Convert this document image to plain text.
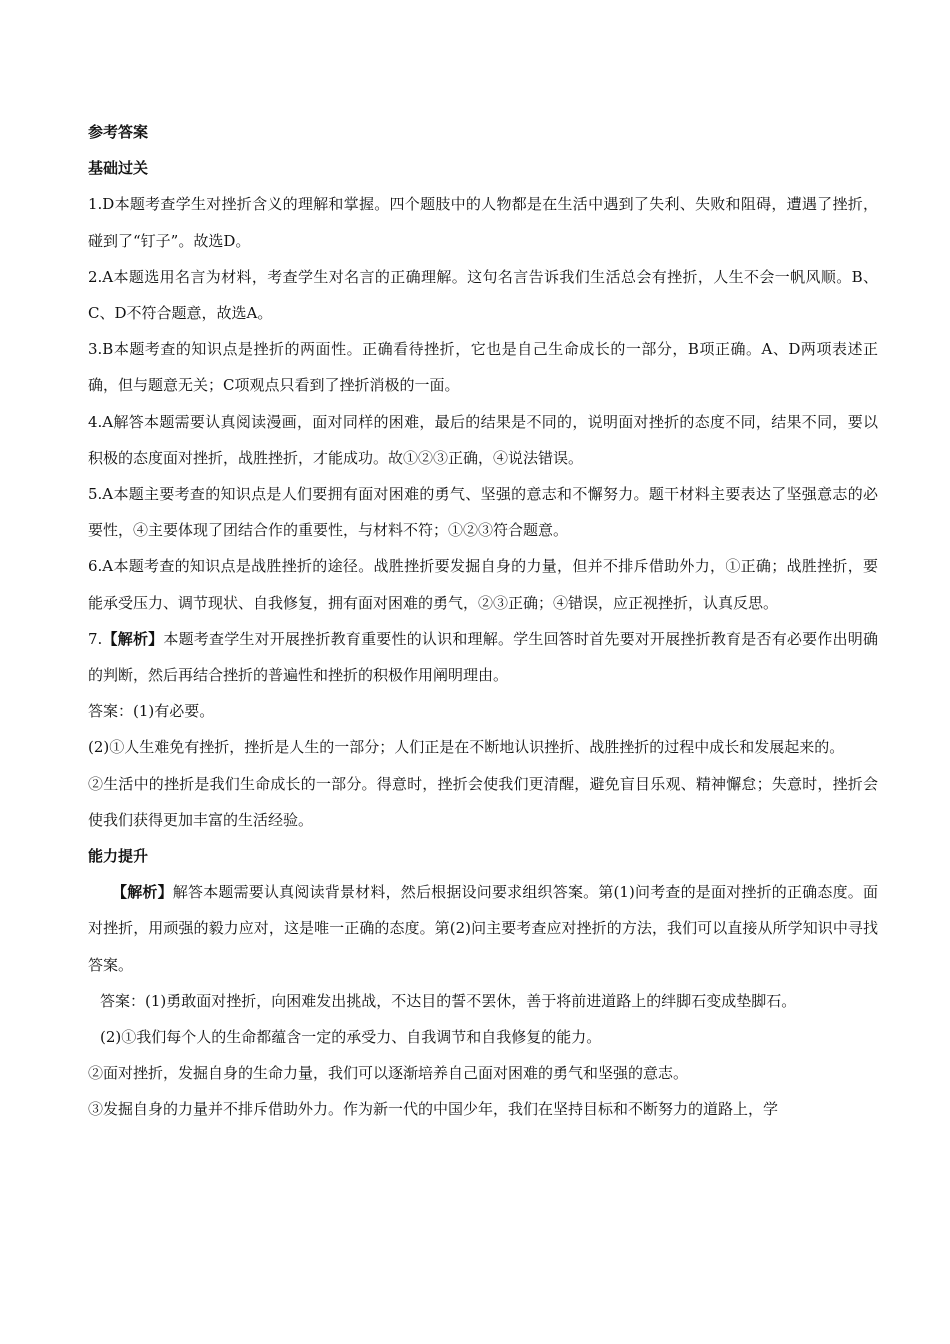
参考答案

基础过关

1.D本题考查学生对挫折含义的理解和掌握。四个题肢中的人物都是在生活中遇到了失利、失败和阻碍，遭遇了挫折，碰到了“钉子”。故选D。

2.A本题选用名言为材料，考查学生对名言的正确理解。这句名言告诉我们生活总会有挫折，人生不会一帆风顺。B、C、D不符合题意，故选A。

3.B本题考查的知识点是挫折的两面性。正确看待挫折，它也是自己生命成长的一部分，B项正确。A、D两项表述正确，但与题意无关；C项观点只看到了挫折消极的一面。

4.A解答本题需要认真阅读漫画，面对同样的困难，最后的结果是不同的，说明面对挫折的态度不同，结果不同，要以积极的态度面对挫折，战胜挫折，才能成功。故①②③正确，④说法错误。

5.A本题主要考查的知识点是人们要拥有面对困难的勇气、坚强的意志和不懈努力。题干材料主要表达了坚强意志的必要性，④主要体现了团结合作的重要性，与材料不符；①②③符合题意。

6.A本题考查的知识点是战胜挫折的途径。战胜挫折要发掘自身的力量，但并不排斥借助外力，①正确；战胜挫折，要能承受压力、调节现状、自我修复，拥有面对困难的勇气，②③正确；④错误，应正视挫折，认真反思。

7.【解析】本题考查学生对开展挫折教育重要性的认识和理解。学生回答时首先要对开展挫折教育是否有必要作出明确的判断，然后再结合挫折的普遍性和挫折的积极作用阐明理由。

答案：(1)有必要。

(2)①人生难免有挫折，挫折是人生的一部分；人们正是在不断地认识挫折、战胜挫折的过程中成长和发展起来的。

②生活中的挫折是我们生命成长的一部分。得意时，挫折会使我们更清醒，避免盲目乐观、精神懈怠；失意时，挫折会使我们获得更加丰富的生活经验。

能力提升

【解析】解答本题需要认真阅读背景材料，然后根据设问要求组织答案。第(1)问考查的是面对挫折的正确态度。面对挫折，用顽强的毅力应对，这是唯一正确的态度。第(2)问主要考查应对挫折的方法，我们可以直接从所学知识中寻找答案。

答案：(1)勇敢面对挫折，向困难发出挑战，不达目的誓不罢休，善于将前进道路上的绊脚石变成垫脚石。

(2)①我们每个人的生命都蕴含一定的承受力、自我调节和自我修复的能力。

②面对挫折，发掘自身的生命力量，我们可以逐渐培养自己面对困难的勇气和坚强的意志。

③发掘自身的力量并不排斥借助外力。作为新一代的中国少年，我们在坚持目标和不断努力的道路上，学
